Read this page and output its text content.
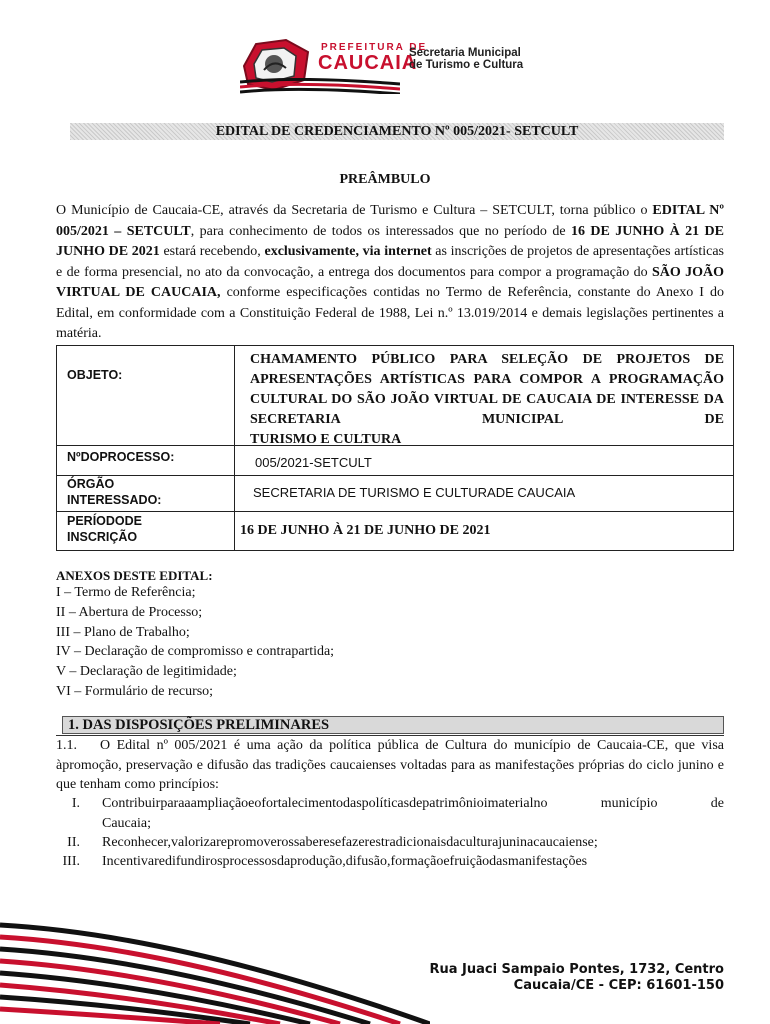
PREFEITURA DE
CAUCAIA
Secretaria Municipal
de Turismo e Cultura
EDITAL DE CREDENCIAMENTO Nº 005/2021- SETCULT
PREÂMBULO
O Município de Caucaia-CE, através da Secretaria de Turismo e Cultura – SETCULT, torna público o EDITAL Nº 005/2021 – SETCULT, para conhecimento de todos os interessados que no período de 16 DE JUNHO À 21 DE JUNHO DE 2021 estará recebendo, exclusivamente, via internet as inscrições de projetos de apresentações artísticas e de forma presencial, no ato da convocação, a entrega dos documentos para compor a programação do SÃO JOÃO VIRTUAL DE CAUCAIA, conforme especificações contidas no Termo de Referência, constante do Anexo I do Edital, em conformidade com a Constituição Federal de 1988, Lei n.º 13.019/2014 e demais legislações pertinentes a matéria.
OBJETO:
CHAMAMENTO PÚBLICO PARA SELEÇÃO DE PROJETOS DE APRESENTAÇÕES ARTÍSTICAS PARA COMPOR A PROGRAMAÇÃO CULTURAL DO SÃO JOÃO VIRTUAL DE CAUCAIA DE INTERESSE DA SECRETARIA MUNICIPAL DE
TURISMO E CULTURA
NºDOPROCESSO:	005/2021-SETCULT
ÓRGÃO
INTERESSADO:	SECRETARIA DE TURISMO E CULTURADE CAUCAIA
PERÍODODE
INSCRIÇÃO	16 DE JUNHO À 21 DE JUNHO DE 2021
ANEXOS DESTE EDITAL:
I – Termo de Referência;
II – Abertura de Processo;
III – Plano de Trabalho;
IV – Declaração de compromisso e contrapartida;
V – Declaração de legitimidade;
VI – Formulário de recurso;
1. DAS DISPOSIÇÕES PRELIMINARES
1.1. O Edital nº 005/2021 é uma ação da política pública de Cultura do município de Caucaia-CE, que visa àpromoção, preservação e difusão das tradições caucaienses voltadas para as manifestações próprias do ciclo junino e que tenham como princípios:
I. Contribuirparaaampliaçãoeofortalecimentodaspolíticasdepatrimônioimaterialno município de
Caucaia;
II. Reconhecer,valorizarepromoverossaberesefazerestradicionaisdaculturajuninacaucaiense;
III. Incentivaredifundirosprocessosdaprodução,difusão,formaçãoefruiçãodasmanifestações
Rua Juaci Sampaio Pontes, 1732, Centro
Caucaia/CE - CEP: 61601-150
